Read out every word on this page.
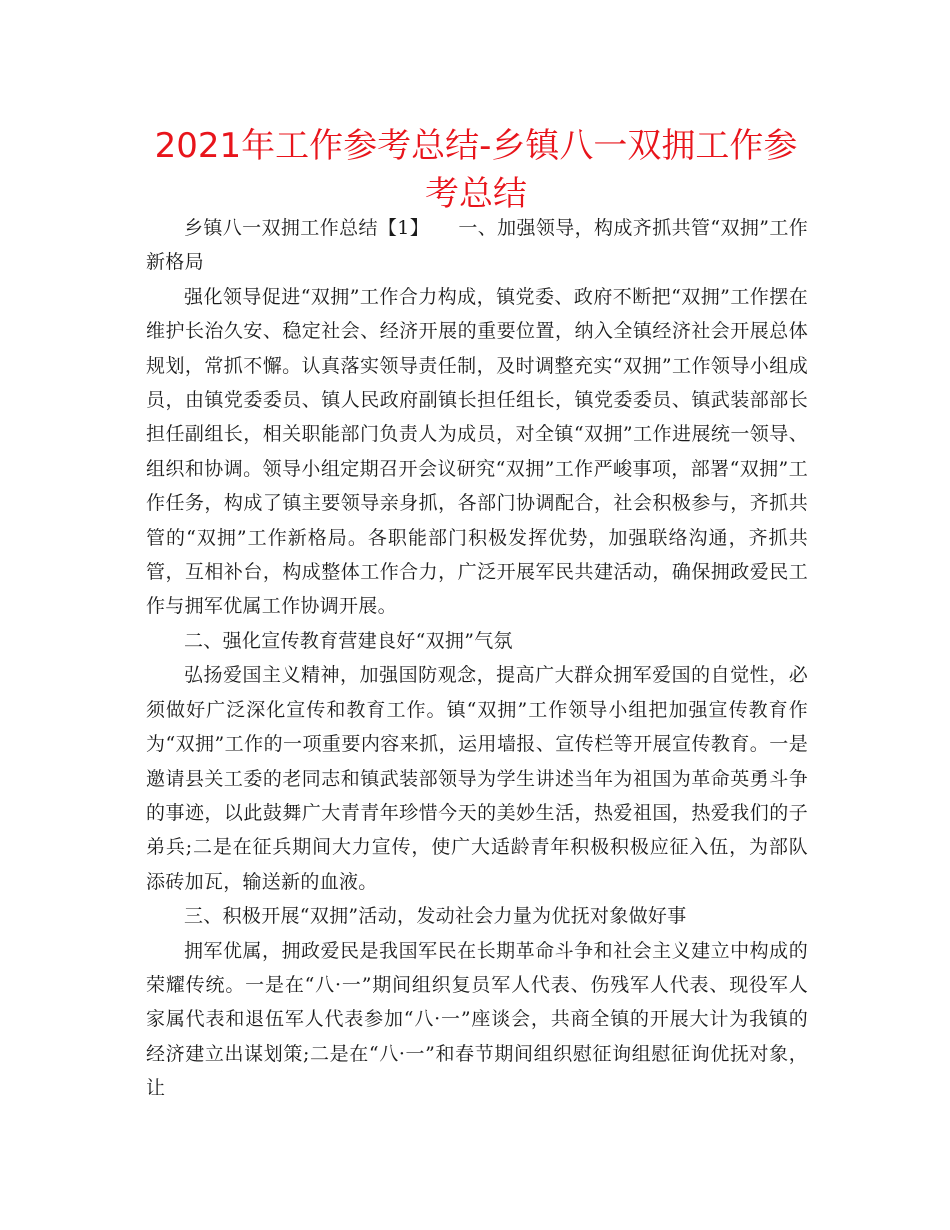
2021年工作参考总结-乡镇八一双拥工作参考总结

乡镇八一双拥工作总结【1】　　一、加强领导，构成齐抓共管“双拥”工作新格局

强化领导促进“双拥”工作合力构成，镇党委、政府不断把“双拥”工作摆在维护长治久安、稳定社会、经济开展的重要位置，纳入全镇经济社会开展总体规划，常抓不懈。认真落实领导责任制，及时调整充实“双拥”工作领导小组成员，由镇党委委员、镇人民政府副镇长担任组长，镇党委委员、镇武装部部长担任副组长，相关职能部门负责人为成员，对全镇“双拥”工作进展统一领导、组织和协调。领导小组定期召开会议研究“双拥”工作严峻事项，部署“双拥”工作任务，构成了镇主要领导亲身抓，各部门协调配合，社会积极参与，齐抓共管的“双拥”工作新格局。各职能部门积极发挥优势，加强联络沟通，齐抓共管，互相补台，构成整体工作合力，广泛开展军民共建活动，确保拥政爱民工作与拥军优属工作协调开展。

二、强化宣传教育营建良好“双拥”气氛

弘扬爱国主义精神，加强国防观念，提高广大群众拥军爱国的自觉性，必须做好广泛深化宣传和教育工作。镇“双拥”工作领导小组把加强宣传教育作为“双拥”工作的一项重要内容来抓，运用墙报、宣传栏等开展宣传教育。一是邀请县关工委的老同志和镇武装部领导为学生讲述当年为祖国为革命英勇斗争的事迹，以此鼓舞广大青青年珍惜今天的美妙生活，热爱祖国，热爱我们的子弟兵;二是在征兵期间大力宣传，使广大适龄青年积极积极应征入伍，为部队添砖加瓦，输送新的血液。

三、积极开展“双拥”活动，发动社会力量为优抚对象做好事

拥军优属，拥政爱民是我国军民在长期革命斗争和社会主义建立中构成的荣耀传统。一是在“八·一”期间组织复员军人代表、伤残军人代表、现役军人家属代表和退伍军人代表参加“八·一”座谈会，共商全镇的开展大计为我镇的经济建立出谋划策;二是在“八·一”和春节期间组织慰征询组慰征询优抚对象，让
